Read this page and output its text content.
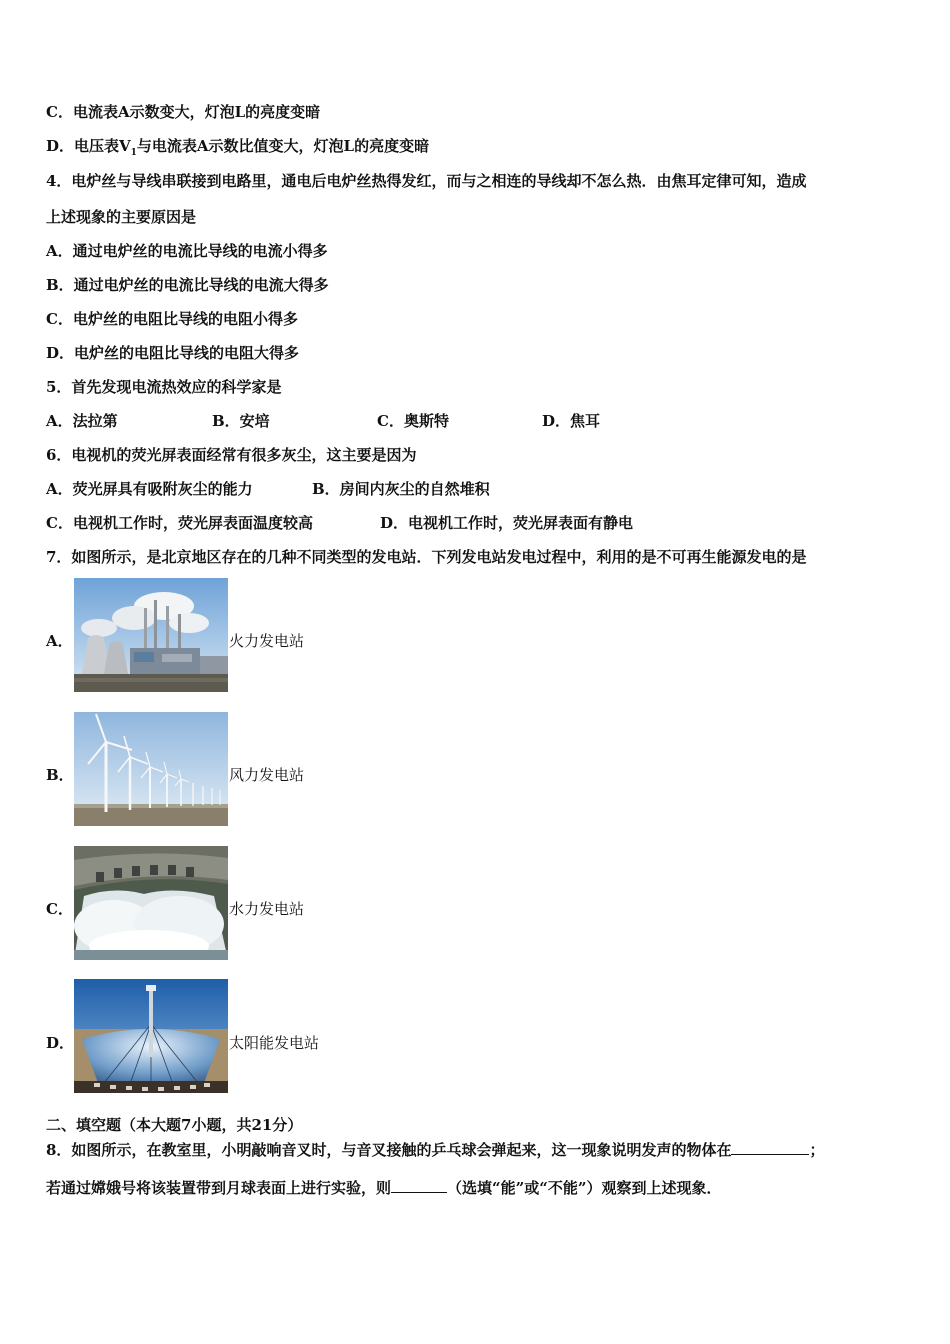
C．电流表A示数变大，灯泡L的亮度变暗
D．电压表$V_1$与电流表A示数比值变大，灯泡L的亮度变暗
4．电炉丝与导线串联接到电路里，通电后电炉丝热得发红，而与之相连的导线却不怎么热．由焦耳定律可知，造成
上述现象的主要原因是
A．通过电炉丝的电流比导线的电流小得多
B．通过电炉丝的电流比导线的电流大得多
C．电炉丝的电阻比导线的电阻小得多
D．电炉丝的电阻比导线的电阻大得多
5．首先发现电流热效应的科学家是
A．法拉第	B．安培	C．奥斯特	D．焦耳
6．电视机的荧光屏表面经常有很多灰尘，这主要是因为
A．荧光屏具有吸附灰尘的能力	B．房间内灰尘的自然堆积
C．电视机工作时，荧光屏表面温度较高	D．电视机工作时，荧光屏表面有静电
7．如图所示，是北京地区存在的几种不同类型的发电站．下列发电站发电过程中，利用的是不可再生能源发电的是
A．	火力发电站
B．	风力发电站
C．	水力发电站
D．	太阳能发电站
二、填空题（本大题7小题，共21分）
8．如图所示，在教室里，小明敲响音叉时，与音叉接触的乒乓球会弹起来，这一现象说明发声的物体在	；
若通过嫦娥号将该装置带到月球表面上进行实验，则	（选填“能”或“不能”）观察到上述现象．
